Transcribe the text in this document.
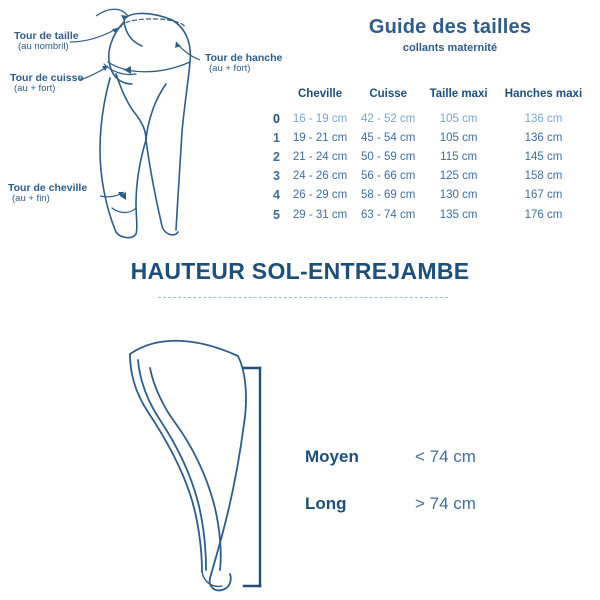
Tour de taille
(au nombril)
Tour de cuisse
(au + fort)
Tour de cheville
(au + fin)
Tour de hanche
(au + fort)
Guide des tailles
collants maternité
	Cheville	Cuisse	Taille maxi	Hanches maxi
0	16 - 19 cm	42 - 52 cm	105 cm	136 cm
1	19 - 21 cm	45 - 54 cm	105 cm	136 cm
2	21 - 24 cm	50 - 59 cm	115 cm	145 cm
3	24 - 26 cm	56 - 66 cm	125 cm	158 cm
4	26 - 29 cm	58 - 69 cm	130 cm	167 cm
5	29 - 31 cm	63 - 74 cm	135 cm	176 cm
HAUTEUR SOL-ENTREJAMBE
Moyen	< 74 cm
Long	> 74 cm
